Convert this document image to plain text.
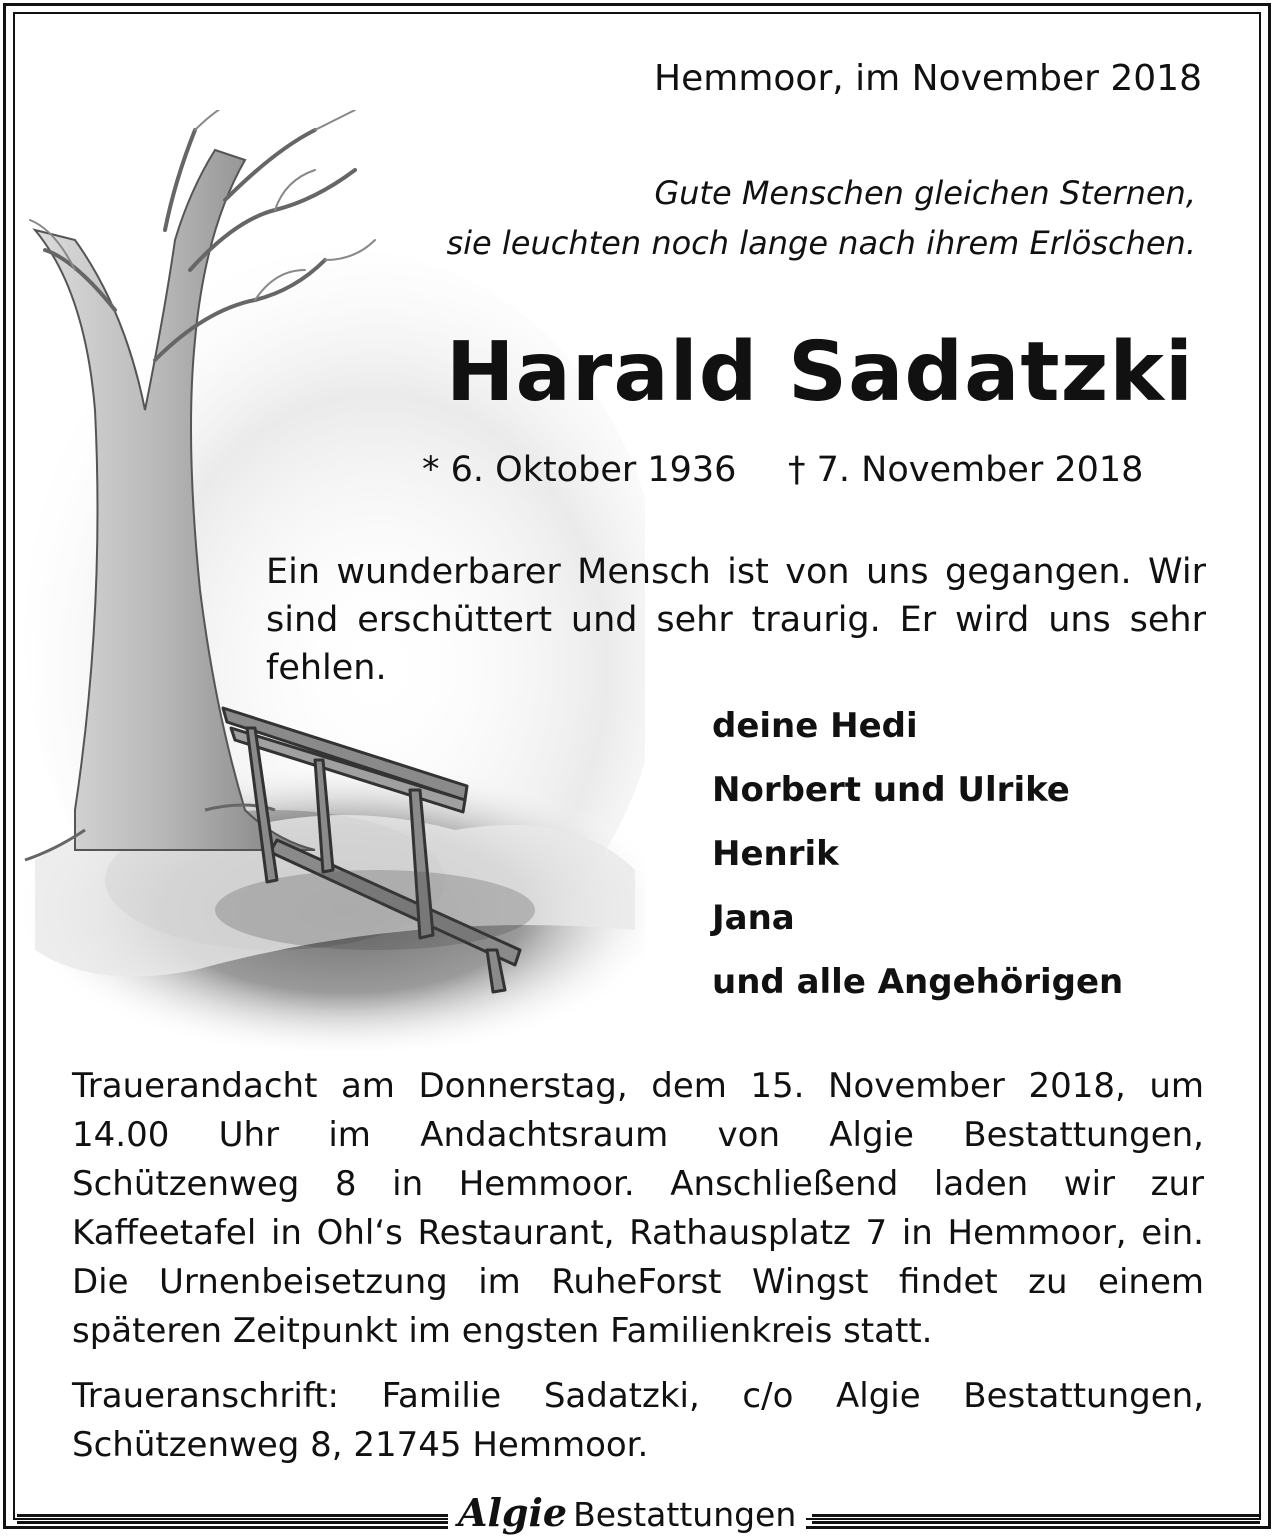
Hemmoor, im November 2018
Gute Menschen gleichen Sternen,
sie leuchten noch lange nach ihrem Erlöschen.
Harald Sadatzki
* 6. Oktober 1936 † 7. November 2018
Ein wunderbarer Mensch ist von uns gegangen. Wir sind erschüttert und sehr traurig. Er wird uns sehr fehlen.
deine Hedi
Norbert und Ulrike
Henrik
Jana
und alle Angehörigen
Trauerandacht am Donnerstag, dem 15. November 2018, um 14.00 Uhr im Andachtsraum von Algie Bestattungen, Schützenweg 8 in Hemmoor. Anschließend laden wir zur Kaffeetafel in Ohl‘s Restaurant, Rathausplatz 7 in Hemmoor, ein. Die Urnenbeisetzung im RuheForst Wingst findet zu einem späteren Zeitpunkt im engsten Familienkreis statt.
Traueranschrift: Familie Sadatzki, c/o Algie Bestattungen, Schützenweg 8, 21745 Hemmoor.
Algie Bestattungen
